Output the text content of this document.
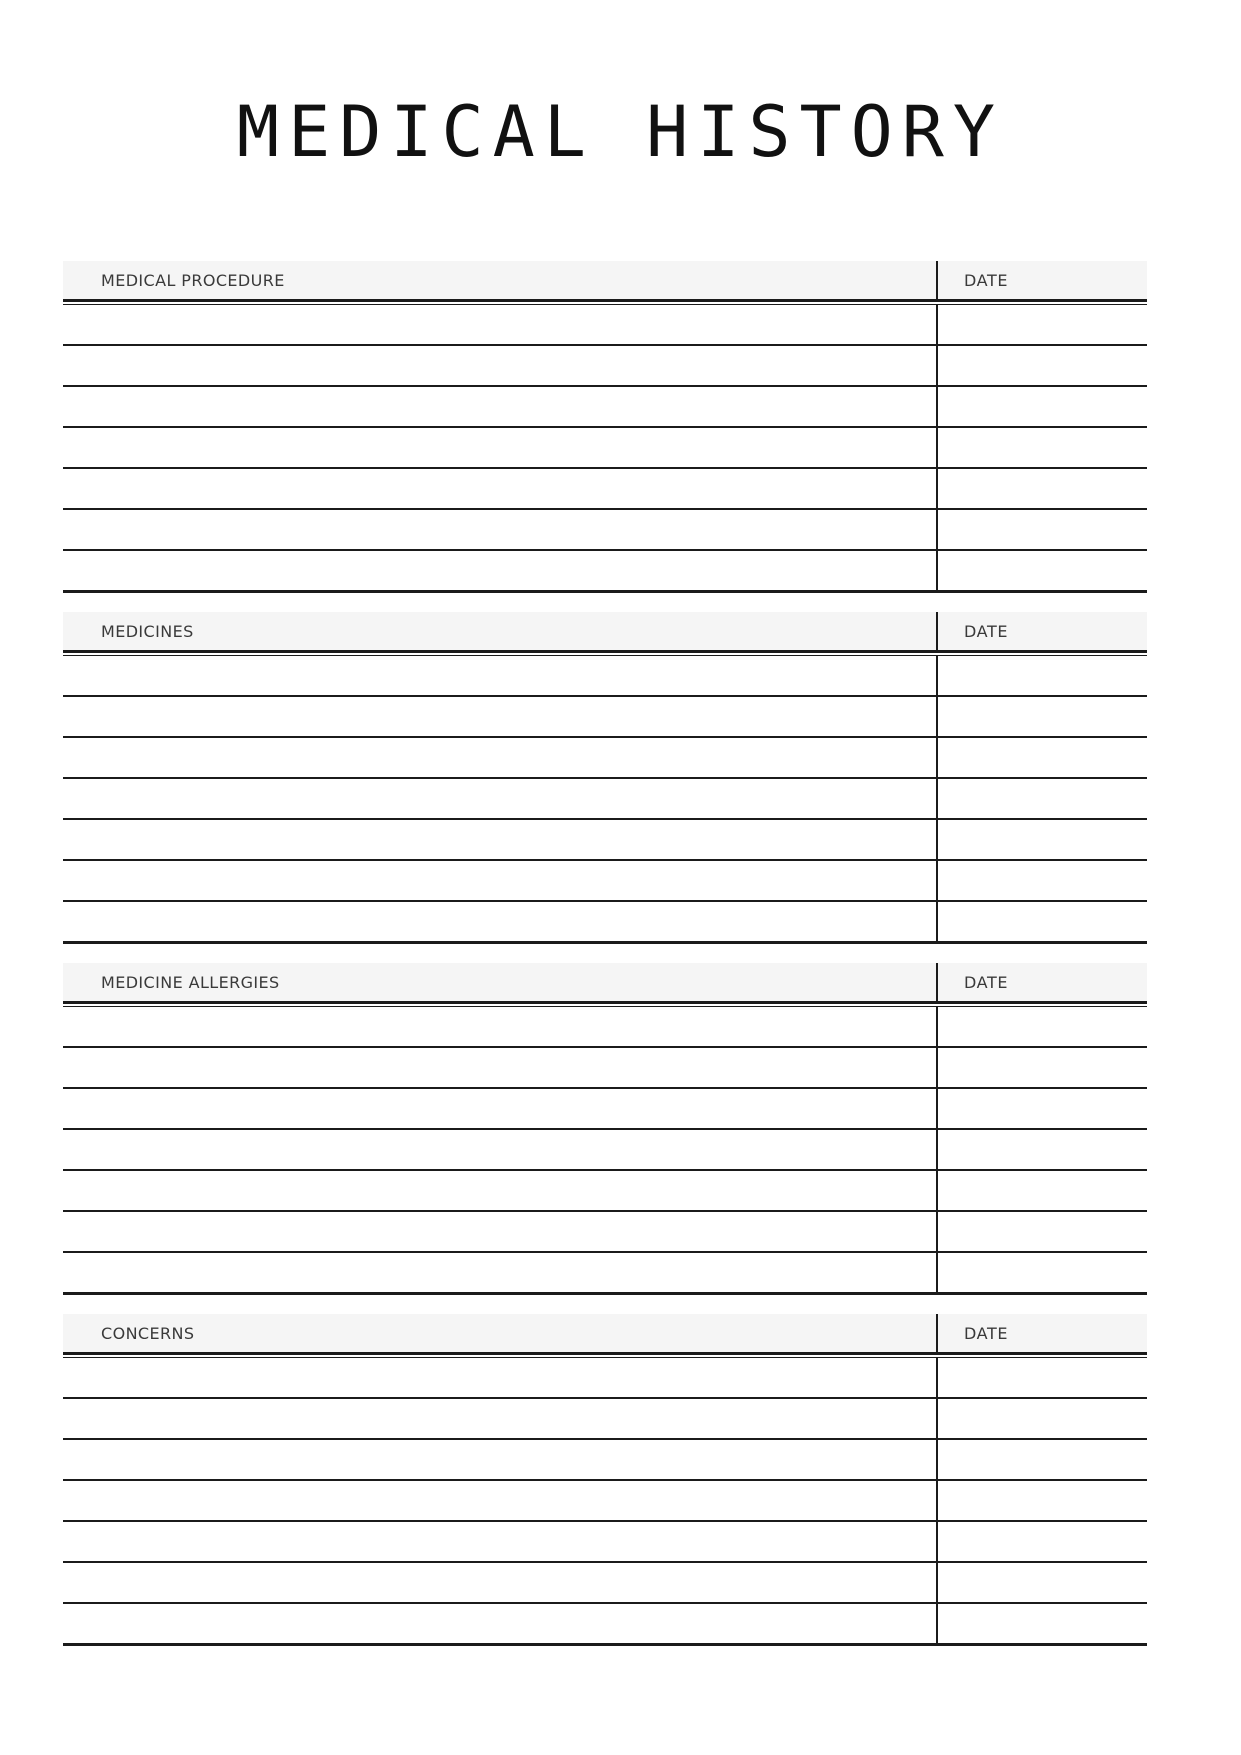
MEDICAL HISTORY
MEDICAL PROCEDURE	DATE
MEDICINES	DATE
MEDICINE ALLERGIES	DATE
CONCERNS	DATE
